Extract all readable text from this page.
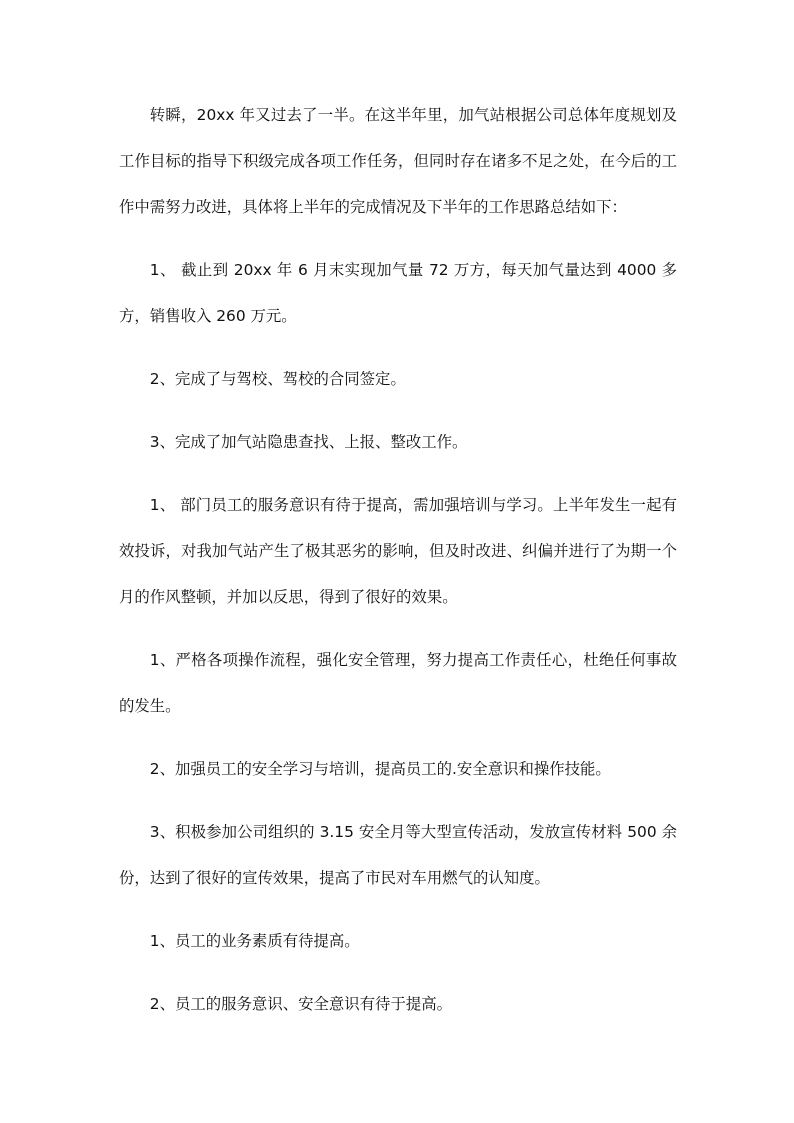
转瞬，20xx 年又过去了一半。在这半年里，加气站根据公司总体年度规划及工作目标的指导下积级完成各项工作任务，但同时存在诸多不足之处，在今后的工作中需努力改进，具体将上半年的完成情况及下半年的工作思路总结如下：

1、 截止到 20xx 年 6 月末实现加气量 72 万方，每天加气量达到 4000 多方，销售收入 260 万元。

2、完成了与驾校、驾校的合同签定。

3、完成了加气站隐患查找、上报、整改工作。

1、 部门员工的服务意识有待于提高，需加强培训与学习。上半年发生一起有效投诉，对我加气站产生了极其恶劣的影响，但及时改进、纠偏并进行了为期一个月的作风整顿，并加以反思，得到了很好的效果。

1、严格各项操作流程，强化安全管理，努力提高工作责任心，杜绝任何事故的发生。

2、加强员工的安全学习与培训，提高员工的.安全意识和操作技能。

3、积极参加公司组织的 3.15 安全月等大型宣传活动，发放宣传材料 500 余份，达到了很好的宣传效果，提高了市民对车用燃气的认知度。

1、员工的业务素质有待提高。

2、员工的服务意识、安全意识有待于提高。
